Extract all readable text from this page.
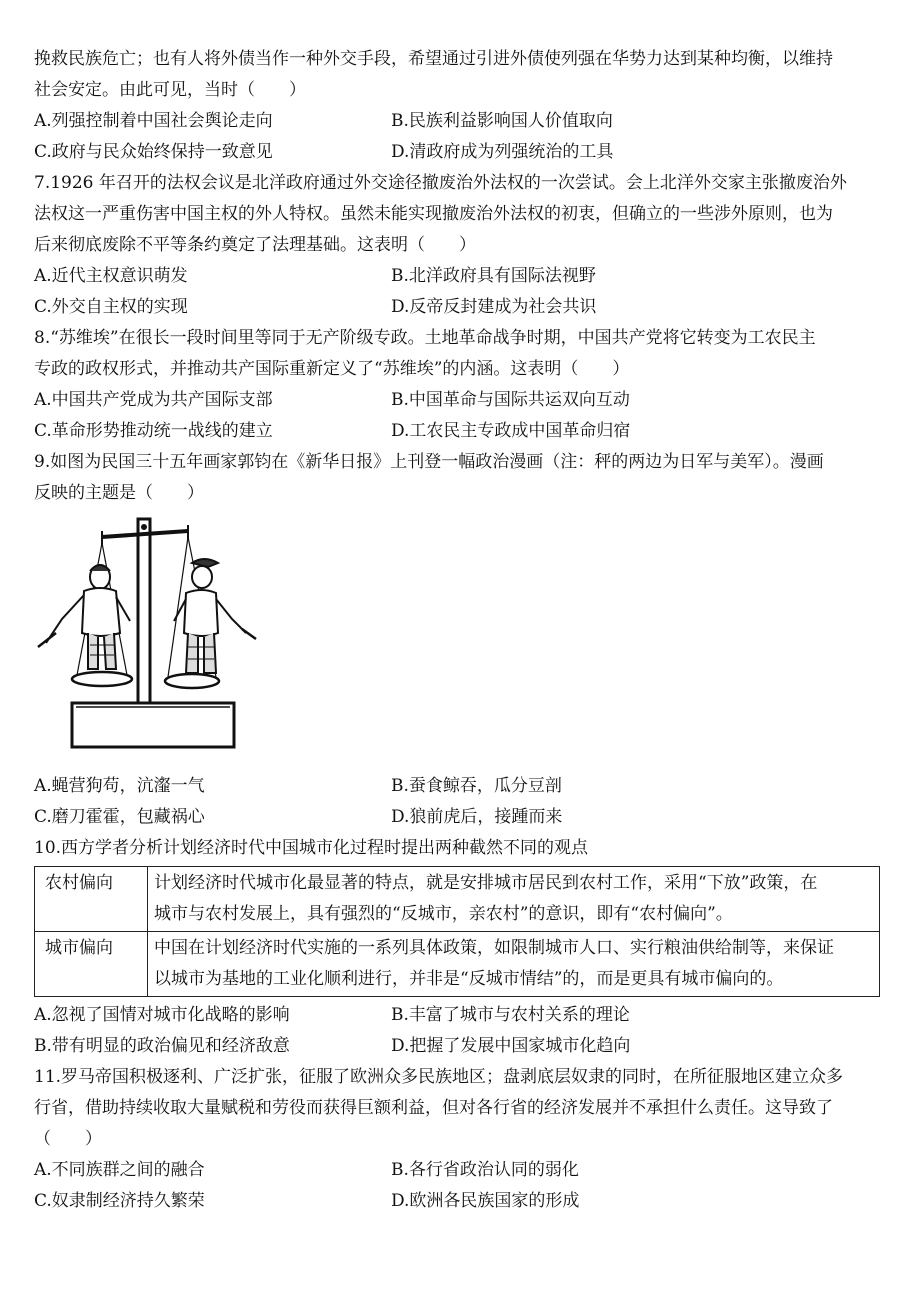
挽救民族危亡；也有人将外债当作一种外交手段，希望通过引进外债使列强在华势力达到某种均衡，以维持
社会安定。由此可见，当时（　　）
A.列强控制着中国社会舆论走向	B.民族利益影响国人价值取向
C.政府与民众始终保持一致意见	D.清政府成为列强统治的工具
7.1926 年召开的法权会议是北洋政府通过外交途径撤废治外法权的一次尝试。会上北洋外交家主张撤废治外
法权这一严重伤害中国主权的外人特权。虽然未能实现撤废治外法权的初衷，但确立的一些涉外原则，也为
后来彻底废除不平等条约奠定了法理基础。这表明（　　）
A.近代主权意识萌发	B.北洋政府具有国际法视野
C.外交自主权的实现	D.反帝反封建成为社会共识
8.“苏维埃”在很长一段时间里等同于无产阶级专政。土地革命战争时期，中国共产党将它转变为工农民主
专政的政权形式，并推动共产国际重新定义了“苏维埃”的内涵。这表明（　　）
A.中国共产党成为共产国际支部	B.中国革命与国际共运双向互动
C.革命形势推动统一战线的建立	D.工农民主专政成中国革命归宿
9.如图为民国三十五年画家郭钧在《新华日报》上刊登一幅政治漫画（注：秤的两边为日军与美军）。漫画
反映的主题是（　　）
A.蝇营狗苟，沆瀣一气	B.蚕食鲸吞，瓜分豆剖
C.磨刀霍霍，包藏祸心	D.狼前虎后，接踵而来
10.西方学者分析计划经济时代中国城市化过程时提出两种截然不同的观点
农村偏向	计划经济时代城市化最显著的特点，就是安排城市居民到农村工作，采用“下放”政策，在
城市与农村发展上，具有强烈的“反城市，亲农村”的意识，即有“农村偏向”。

城市偏向	中国在计划经济时代实施的一系列具体政策，如限制城市人口、实行粮油供给制等，来保证
以城市为基地的工业化顺利进行，并非是“反城市情结”的，而是更具有城市偏向的。
A.忽视了国情对城市化战略的影响	B.丰富了城市与农村关系的理论
B.带有明显的政治偏见和经济敌意	D.把握了发展中国家城市化趋向
11.罗马帝国积极逐利、广泛扩张，征服了欧洲众多民族地区；盘剥底层奴隶的同时，在所征服地区建立众多
行省，借助持续收取大量赋税和劳役而获得巨额利益，但对各行省的经济发展并不承担什么责任。这导致了
（　　）
A.不同族群之间的融合	B.各行省政治认同的弱化
C.奴隶制经济持久繁荣	D.欧洲各民族国家的形成
